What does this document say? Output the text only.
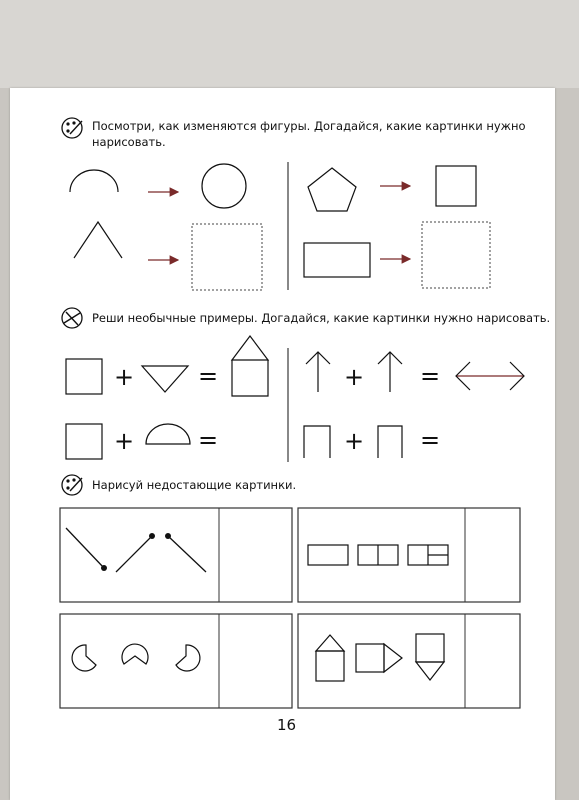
Посмотри, как изменяются фигуры. Догадайся, какие картинки нужно
нарисовать.
Реши необычные примеры. Догадайся, какие картинки нужно нарисовать.
Нарисуй недостающие картинки.
+	=
+	=
+ =
+ =
16
